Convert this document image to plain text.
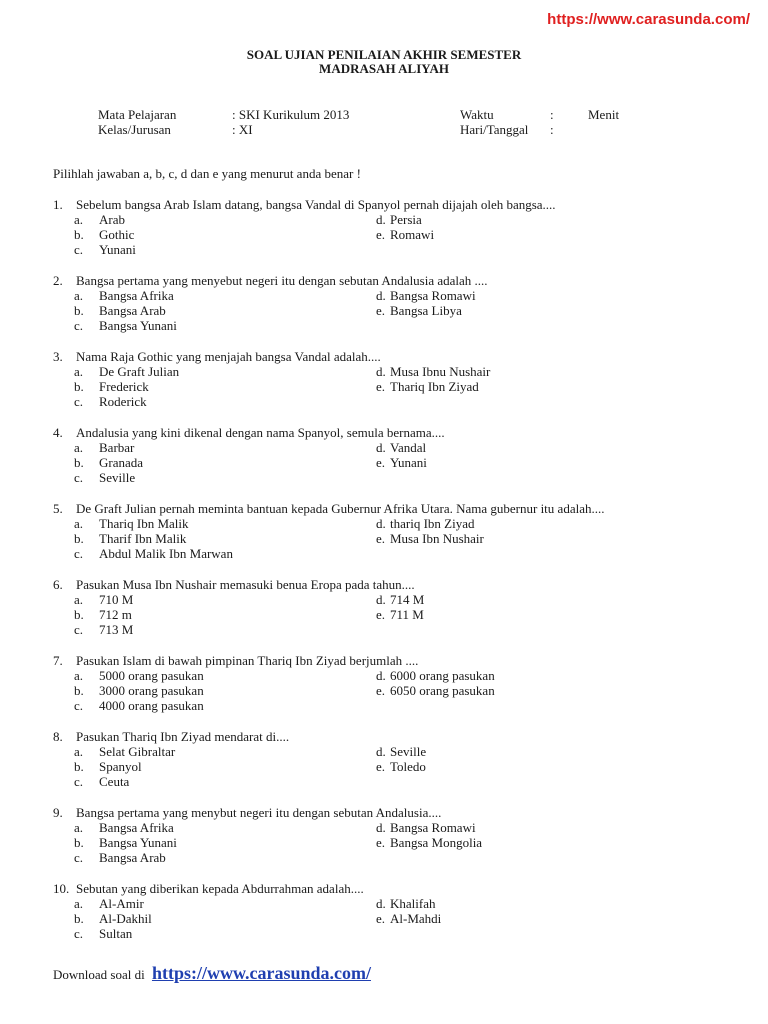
https://www.carasunda.com/
SOAL UJIAN PENILAIAN AKHIR SEMESTER
MADRASAH ALIYAH
Mata Pelajaran	: SKI Kurikulum 2013	Waktu	:	Menit
Kelas/Jurusan	: XI	Hari/Tanggal :
Pilihlah jawaban a, b, c, d dan e yang menurut anda benar !
1. Sebelum bangsa Arab Islam datang, bangsa Vandal di Spanyol pernah dijajah oleh bangsa....
a. Arab	d. Persia
b. Gothic	e. Romawi
c. Yunani
2. Bangsa pertama yang menyebut negeri itu dengan sebutan Andalusia adalah ....
a. Bangsa Afrika	d. Bangsa Romawi
b. Bangsa Arab	e. Bangsa Libya
c. Bangsa Yunani
3. Nama Raja Gothic yang menjajah bangsa Vandal adalah....
a. De Graft Julian	d. Musa Ibnu Nushair
b. Frederick	e. Thariq Ibn Ziyad
c. Roderick
4. Andalusia yang kini dikenal dengan nama Spanyol, semula bernama....
a. Barbar	d. Vandal
b. Granada	e. Yunani
c. Seville
5. De Graft Julian pernah meminta bantuan kepada Gubernur Afrika Utara. Nama gubernur itu adalah....
a. Thariq Ibn Malik	d. thariq Ibn Ziyad
b. Tharif Ibn Malik	e. Musa Ibn Nushair
c. Abdul Malik Ibn Marwan
6. Pasukan Musa Ibn Nushair memasuki benua Eropa pada tahun....
a. 710 M	d. 714 M
b. 712 m	e. 711 M
c. 713 M
7. Pasukan Islam di bawah pimpinan Thariq Ibn Ziyad berjumlah ....
a. 5000 orang pasukan	d. 6000 orang pasukan
b. 3000 orang pasukan	e. 6050 orang pasukan
c. 4000 orang pasukan
8. Pasukan Thariq Ibn Ziyad mendarat di....
a. Selat Gibraltar	d. Seville
b. Spanyol	e. Toledo
c. Ceuta
9. Bangsa pertama yang menybut negeri itu dengan sebutan Andalusia....
a. Bangsa Afrika	d. Bangsa Romawi
b. Bangsa Yunani	e. Bangsa Mongolia
c. Bangsa Arab
10. Sebutan yang diberikan kepada Abdurrahman adalah....
a. Al-Amir	d. Khalifah
b. Al-Dakhil	e. Al-Mahdi
c. Sultan
Download soal di https://www.carasunda.com/
